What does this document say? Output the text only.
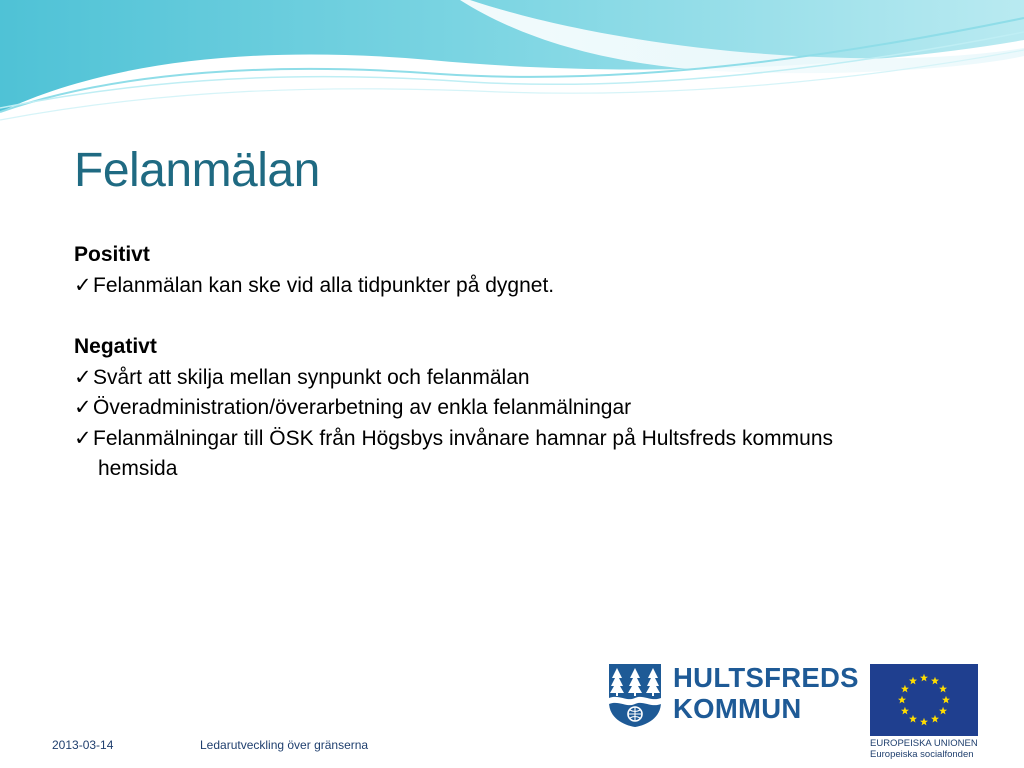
Felanmälan
Positivt
✓ Felanmälan kan ske vid alla tidpunkter på dygnet.
Negativt
✓ Svårt att skilja mellan synpunkt och felanmälan
✓ Överadministration/överarbetning av enkla felanmälningar
✓ Felanmälningar till ÖSK från Högsbys invånare hamnar på Hultsfreds kommuns
hemsida
HULTSFREDS
KOMMUN
EUROPEISKA UNIONEN
Europeiska socialfonden
2013-03-14	Ledarutveckling över gränserna
